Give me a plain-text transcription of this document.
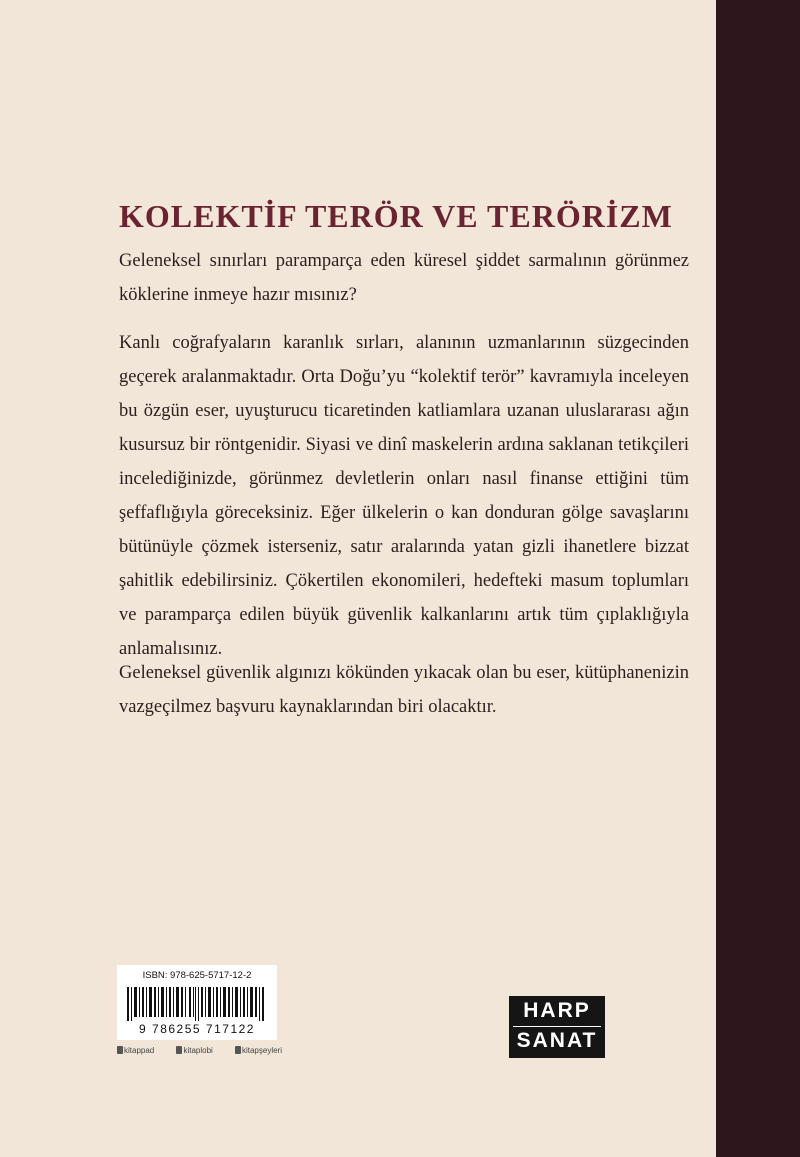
KOLEKTİF TERÖR VE TERÖRİZM

Geleneksel sınırları paramparça eden küresel şiddet sarmalının görünmez köklerine inmeye hazır mısınız?

Kanlı coğrafyaların karanlık sırları, alanının uzmanlarının süzgecinden geçerek aralanmaktadır. Orta Doğu’yu “kolektif terör” kavramıyla inceleyen bu özgün eser, uyuşturucu ticaretinden katliamlara uzanan uluslararası ağın kusursuz bir röntgenidir. Siyasi ve dinî maskelerin ardına saklanan tetikçileri incelediğinizde, görünmez devletlerin onları nasıl finanse ettiğini tüm şeffaflığıyla göreceksiniz. Eğer ülkelerin o kan donduran gölge savaşlarını bütünüyle çözmek isterseniz, satır aralarında yatan gizli ihanetlere bizzat şahitlik edebilirsiniz. Çökertilen ekonomileri, hedefteki masum toplumları ve paramparça edilen büyük güvenlik kalkanlarını artık tüm çıplaklığıyla anlamalısınız.

Geleneksel güvenlik algınızı kökünden yıkacak olan bu eser, kütüphanenizin vazgeçilmez başvuru kaynaklarından biri olacaktır.

ISBN: 978-625-5717-12-2
9 786255 717122
kitappad	kitaplobi	kitapşeyleri
HARP
SANAT
